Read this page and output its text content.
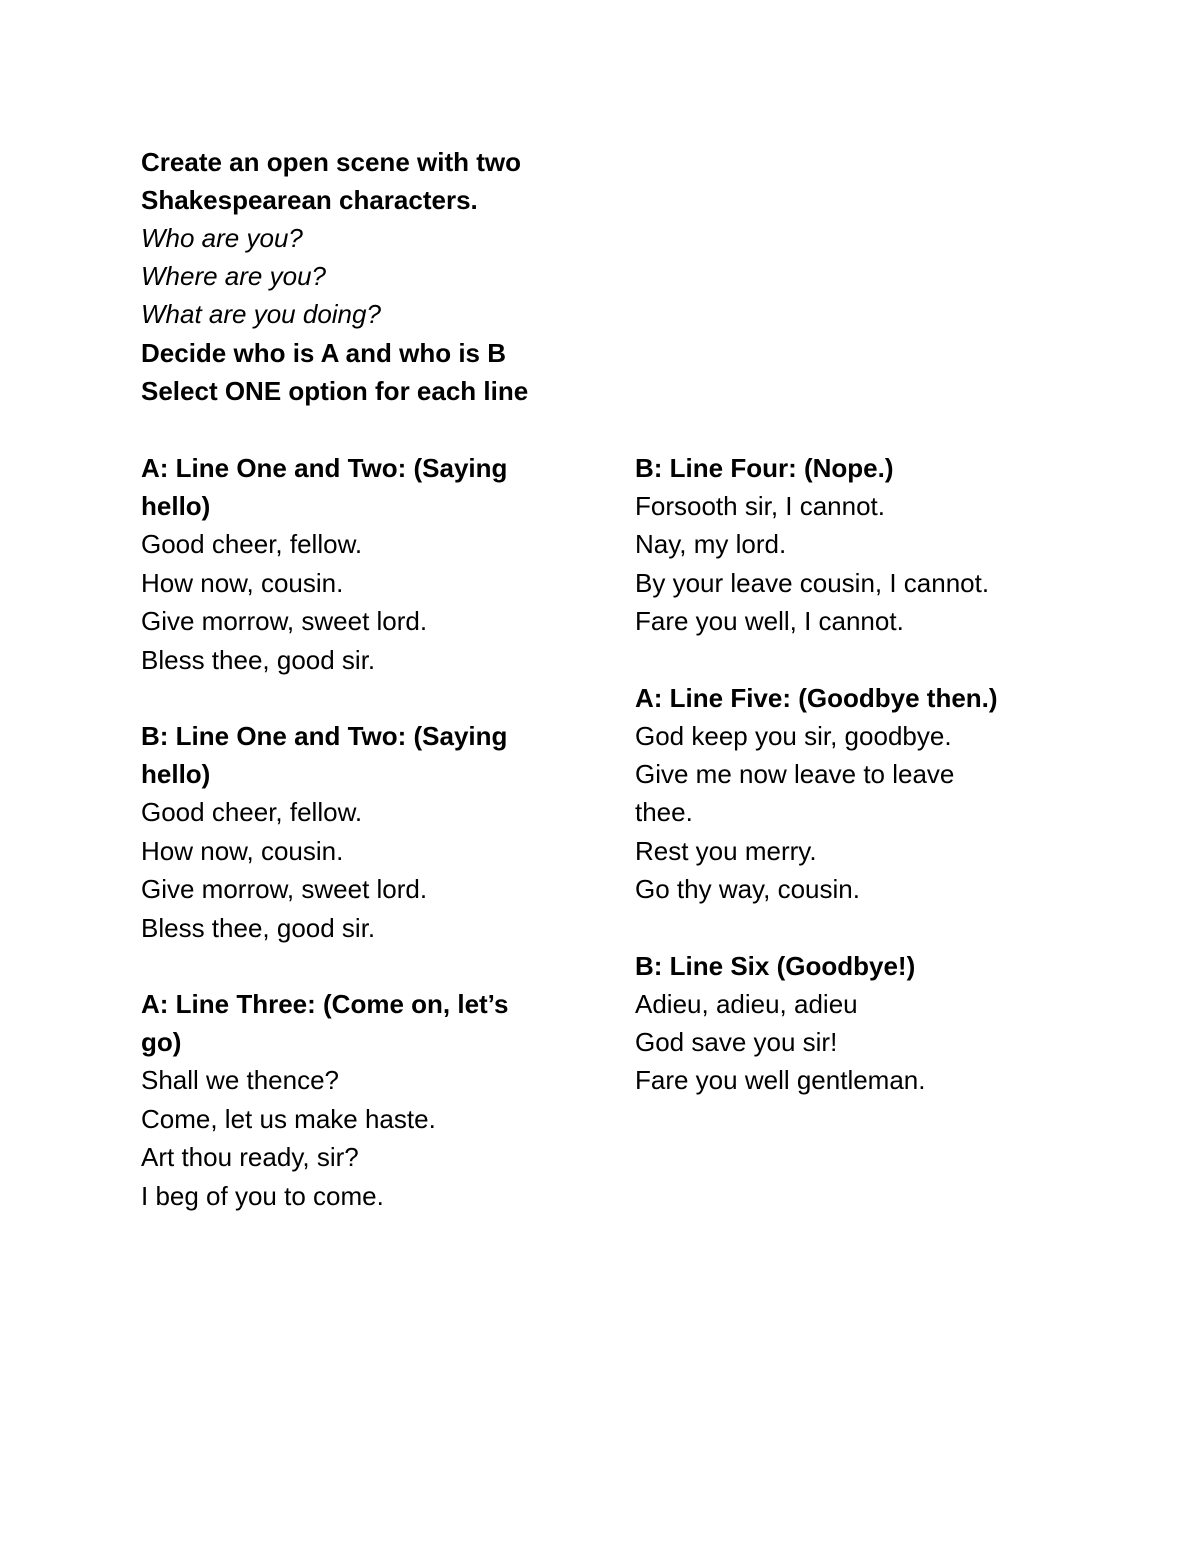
Create an open scene with two
Shakespearean characters.
Who are you?
Where are you?
What are you doing?
Decide who is A and who is B
Select ONE option for each line
A: Line One and Two: (Saying
hello)
Good cheer, fellow.
How now, cousin.
Give morrow, sweet lord.
Bless thee, good sir.
B: Line One and Two: (Saying
hello)
Good cheer, fellow.
How now, cousin.
Give morrow, sweet lord.
Bless thee, good sir.
A: Line Three: (Come on, let’s
go)
Shall we thence?
Come, let us make haste.
Art thou ready, sir?
I beg of you to come.
B: Line Four: (Nope.)
Forsooth sir, I cannot.
Nay, my lord.
By your leave cousin, I cannot.
Fare you well, I cannot.
A: Line Five: (Goodbye then.)
God keep you sir, goodbye.
Give me now leave to leave
thee.
Rest you merry.
Go thy way, cousin.
B: Line Six (Goodbye!)
Adieu, adieu, adieu
God save you sir!
Fare you well gentleman.
